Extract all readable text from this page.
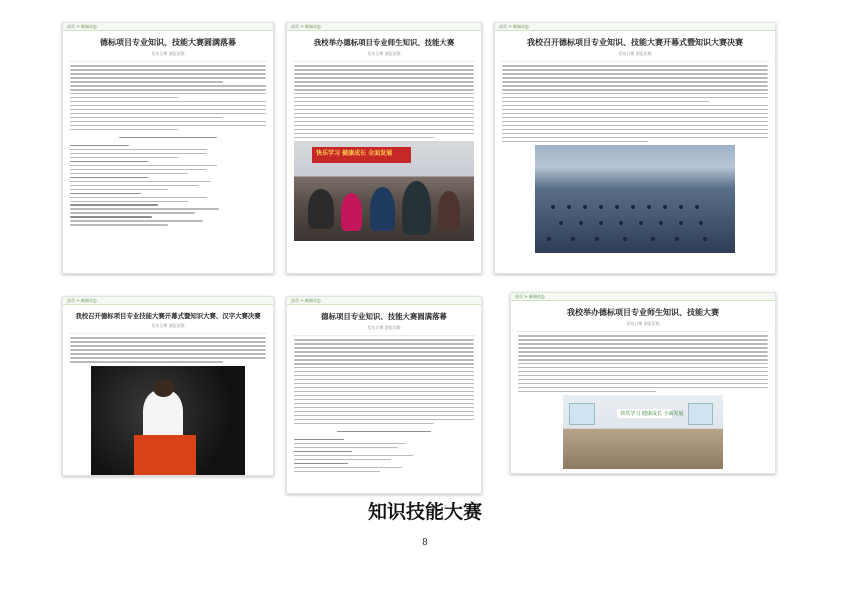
首页 > 新闻动态
德标项目专业知识、技能大赛圆满落幕
发布日期 浏览次数
首页 > 新闻动态
我校举办德标项目专业师生知识、技能大赛
发布日期 浏览次数
快乐学习 健康成长 全面发展
首页 > 新闻动态
我校召开德标项目专业知识、技能大赛开幕式暨知识大赛决赛
发布日期 浏览次数
首页 > 新闻动态
我校召开德标项目专业技能大赛开幕式暨知识大赛、汉字大赛决赛
发布日期 浏览次数
首页 > 新闻动态
德标项目专业知识、技能大赛圆满落幕
发布日期 浏览次数
首页 > 新闻动态
我校举办德标项目专业师生知识、技能大赛
发布日期 浏览次数
快乐学习 健康成长 全面发展
知识技能大赛
8
